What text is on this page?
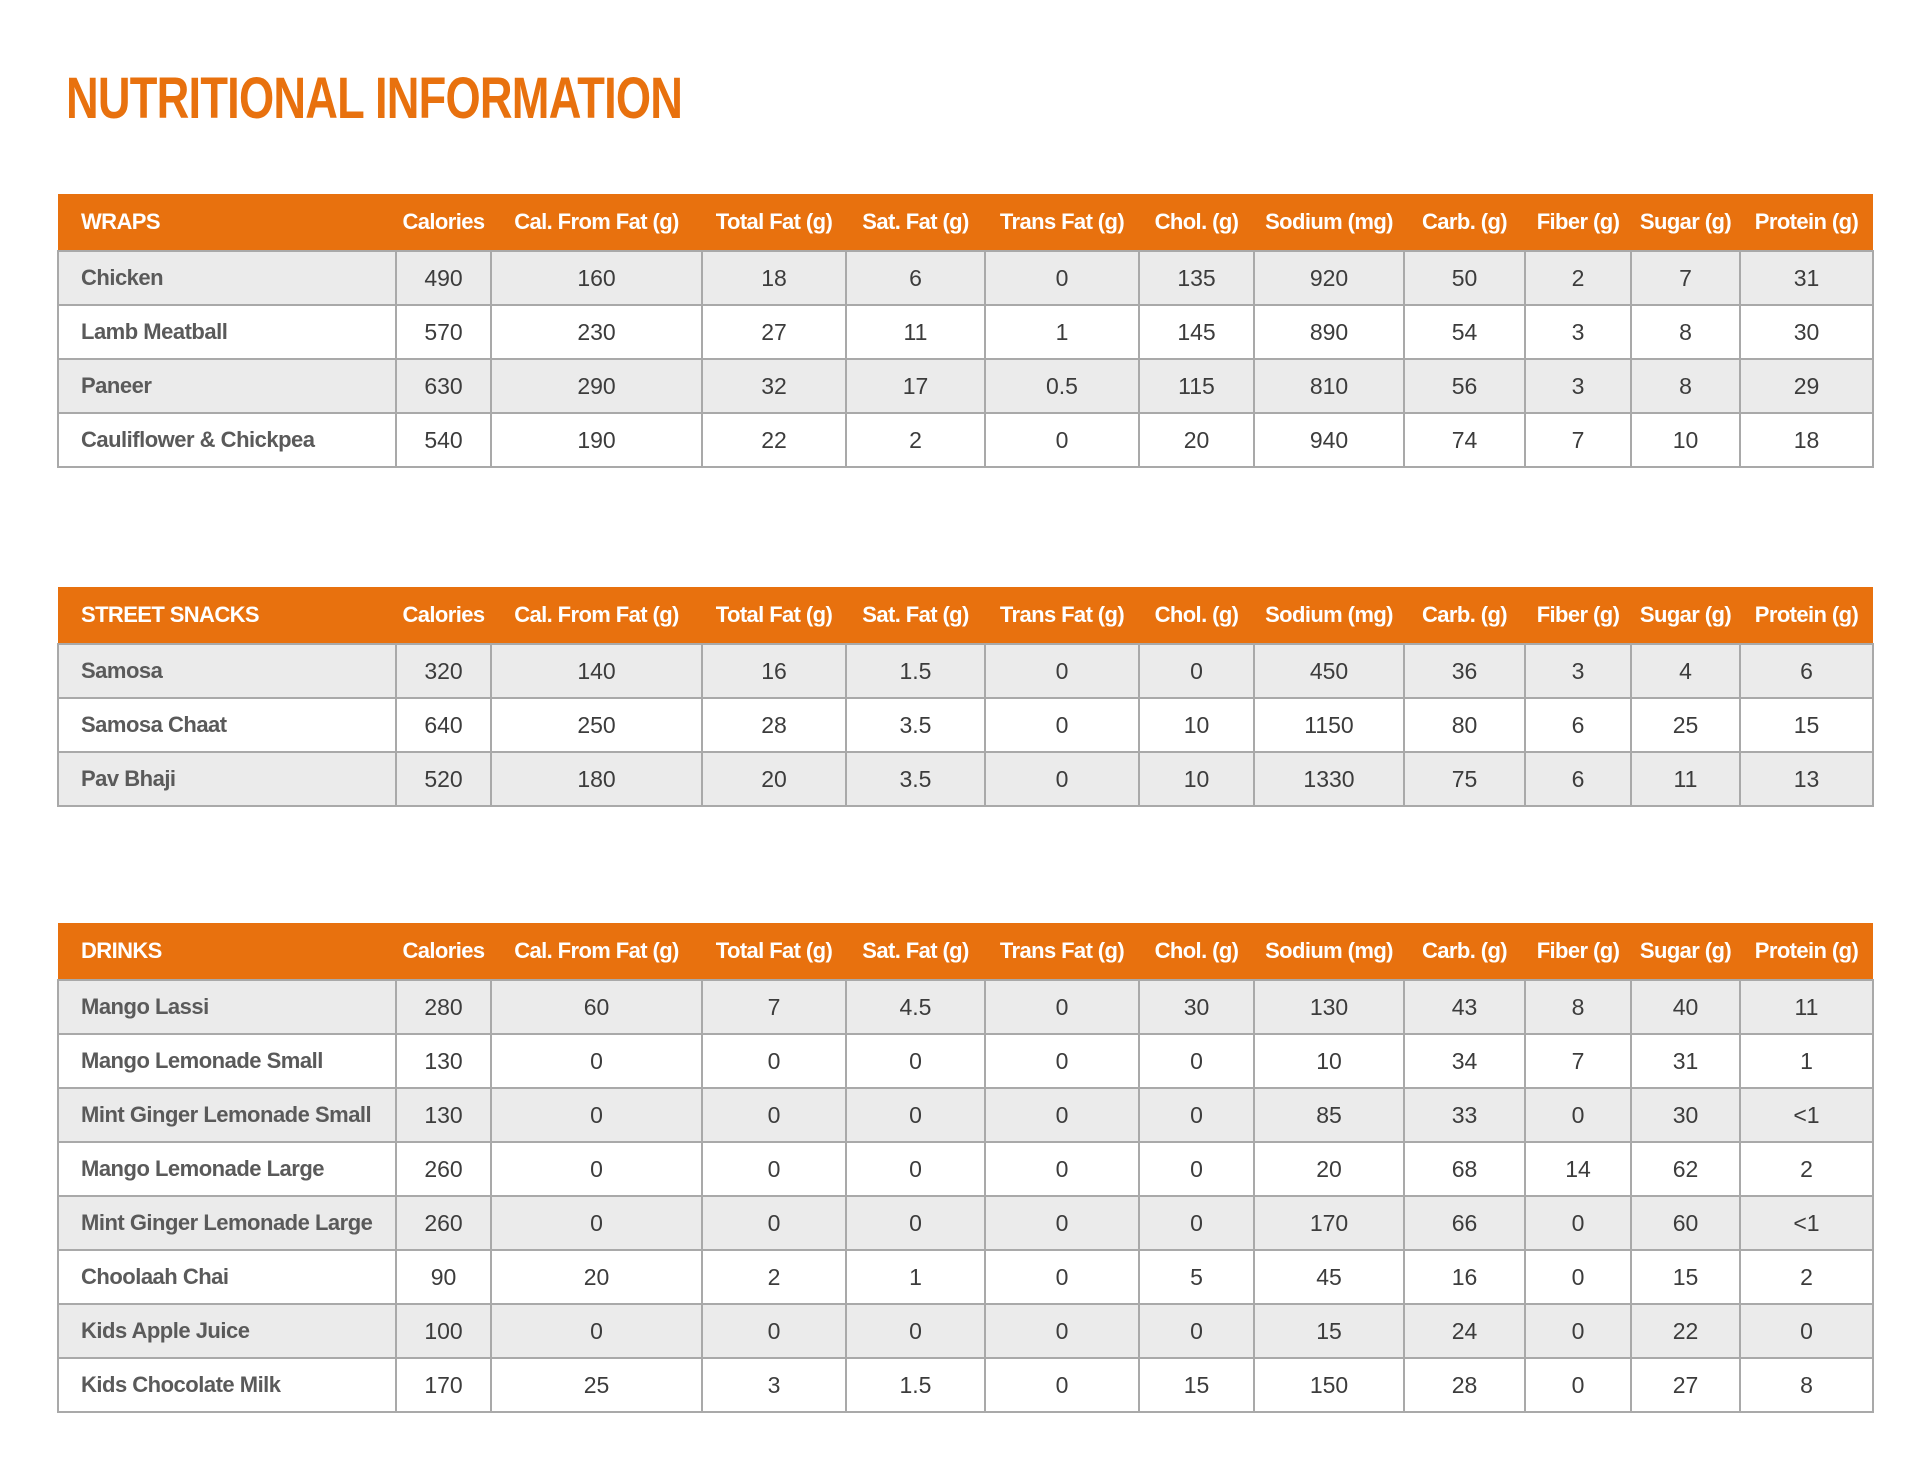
NUTRITIONAL INFORMATION
WRAPS	Calories	Cal. From Fat (g)	Total Fat (g)	Sat. Fat (g)	Trans Fat (g)	Chol. (g)	Sodium (mg)	Carb. (g)	Fiber (g)	Sugar (g)	Protein (g)
Chicken	490	160	18	6	0	135	920	50	2	7	31
Lamb Meatball	570	230	27	11	1	145	890	54	3	8	30
Paneer	630	290	32	17	0.5	115	810	56	3	8	29
Cauliflower & Chickpea	540	190	22	2	0	20	940	74	7	10	18
STREET SNACKS	Calories	Cal. From Fat (g)	Total Fat (g)	Sat. Fat (g)	Trans Fat (g)	Chol. (g)	Sodium (mg)	Carb. (g)	Fiber (g)	Sugar (g)	Protein (g)
Samosa	320	140	16	1.5	0	0	450	36	3	4	6
Samosa Chaat	640	250	28	3.5	0	10	1150	80	6	25	15
Pav Bhaji	520	180	20	3.5	0	10	1330	75	6	11	13
DRINKS	Calories	Cal. From Fat (g)	Total Fat (g)	Sat. Fat (g)	Trans Fat (g)	Chol. (g)	Sodium (mg)	Carb. (g)	Fiber (g)	Sugar (g)	Protein (g)
Mango Lassi	280	60	7	4.5	0	30	130	43	8	40	11
Mango Lemonade Small	130	0	0	0	0	0	10	34	7	31	1
Mint Ginger Lemonade Small	130	0	0	0	0	0	85	33	0	30	<1
Mango Lemonade Large	260	0	0	0	0	0	20	68	14	62	2
Mint Ginger Lemonade Large	260	0	0	0	0	0	170	66	0	60	<1
Choolaah Chai	90	20	2	1	0	5	45	16	0	15	2
Kids Apple Juice	100	0	0	0	0	0	15	24	0	22	0
Kids Chocolate Milk	170	25	3	1.5	0	15	150	28	0	27	8
